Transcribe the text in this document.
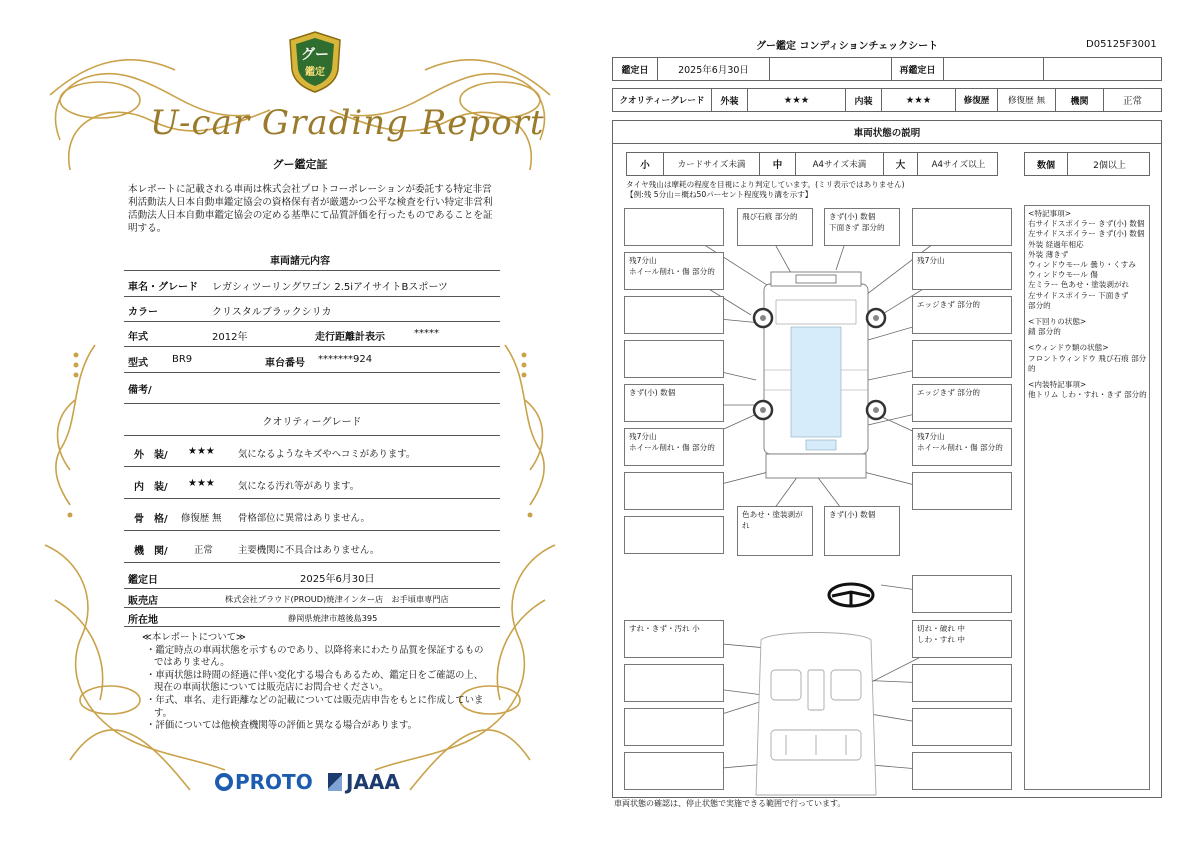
グー
鑑定
U-car Grading Report
グー鑑定証
本レポートに記載される車両は株式会社プロトコーポレーションが委託する特定非営利活動法人日本自動車鑑定協会の資格保有者が厳選かつ公平な検査を行い特定非営利活動法人日本自動車鑑定協会の定める基準にて品質評価を行ったものであることを証明する。
車両諸元内容
車名・グレード レガシィツーリングワゴン 2.5iアイサイトBスポーツ
カラー	クリスタルブラックシリカ
年式	2012年	走行距離計表示	*****
型式 BR9	車台番号 *******924
備考/
クオリティーグレード
外　装/ ★★★ 気になるようなキズやヘコミがあります。
内　装/ ★★★ 気になる汚れ等があります。
骨　格/ 修復歴 無 骨格部位に異常はありません。
機　関/	正常	主要機関に不具合はありません。
鑑定日	2025年6月30日
販売店	株式会社プラウド(PROUD)焼津インター店　お手頃車専門店
所在地	静岡県焼津市越後島395
≪本レポートについて≫
・鑑定時点の車両状態を示すものであり、以降将来にわたり品質を保証するものではありません。
・車両状態は時間の経過に伴い変化する場合もあるため、鑑定日をご確認の上、現在の車両状態については販売店にお問合せください。
・年式、車名、走行距離などの記載については販売店申告をもとに作成しています。
・評価については他検査機関等の評価と異なる場合があります。
PROTO	JAAA
グー鑑定 コンディションチェックシート	D05125F3001
鑑定日	2025年6月30日	再鑑定日
クオリティーグレード	外装	★★★	内装	★★★	修復歴	修復歴 無	機関	正常
車両状態の説明
小	カードサイズ未満	中	A4サイズ未満	大	A4サイズ以上	数個	2個以上
タイヤ残山は摩耗の程度を目視により判定しています。(ミリ表示ではありません)
【例:残 5分山＝概ね50パーセント程度残り溝を示す】
<特記事項>
右サイドスポイラー きず(小) 数個
左サイドスポイラー きず(小) 数個
外装 経過年相応
外装 薄きず
ウィンドウモール 曇り・くすみ
ウィンドウモール 傷
左ミラー 色あせ・塗装剥がれ
左サイドスポイラー 下面きず
部分的
<下回りの状態>
錆 部分的
<ウィンドウ類の状態>
フロントウィンドウ 飛び石痕 部分的
<内装特記事項>
他トリム しわ・すれ・きず 部分的
飛び石痕 部分的	きず(小) 数個
下面きず 部分的
残7分山
ホイール削れ・傷 部分的
残7分山
エッジきず 部分的
きず(小) 数個	エッジきず 部分的
残7分山
ホイール削れ・傷 部分的
残7分山
ホイール削れ・傷 部分的
色あせ・塗装剥がれ
きず(小) 数個
すれ・きず・汚れ 小	切れ・破れ 中
しわ・すれ 中
車両状態の確認は、停止状態で実施できる範囲で行っています。
